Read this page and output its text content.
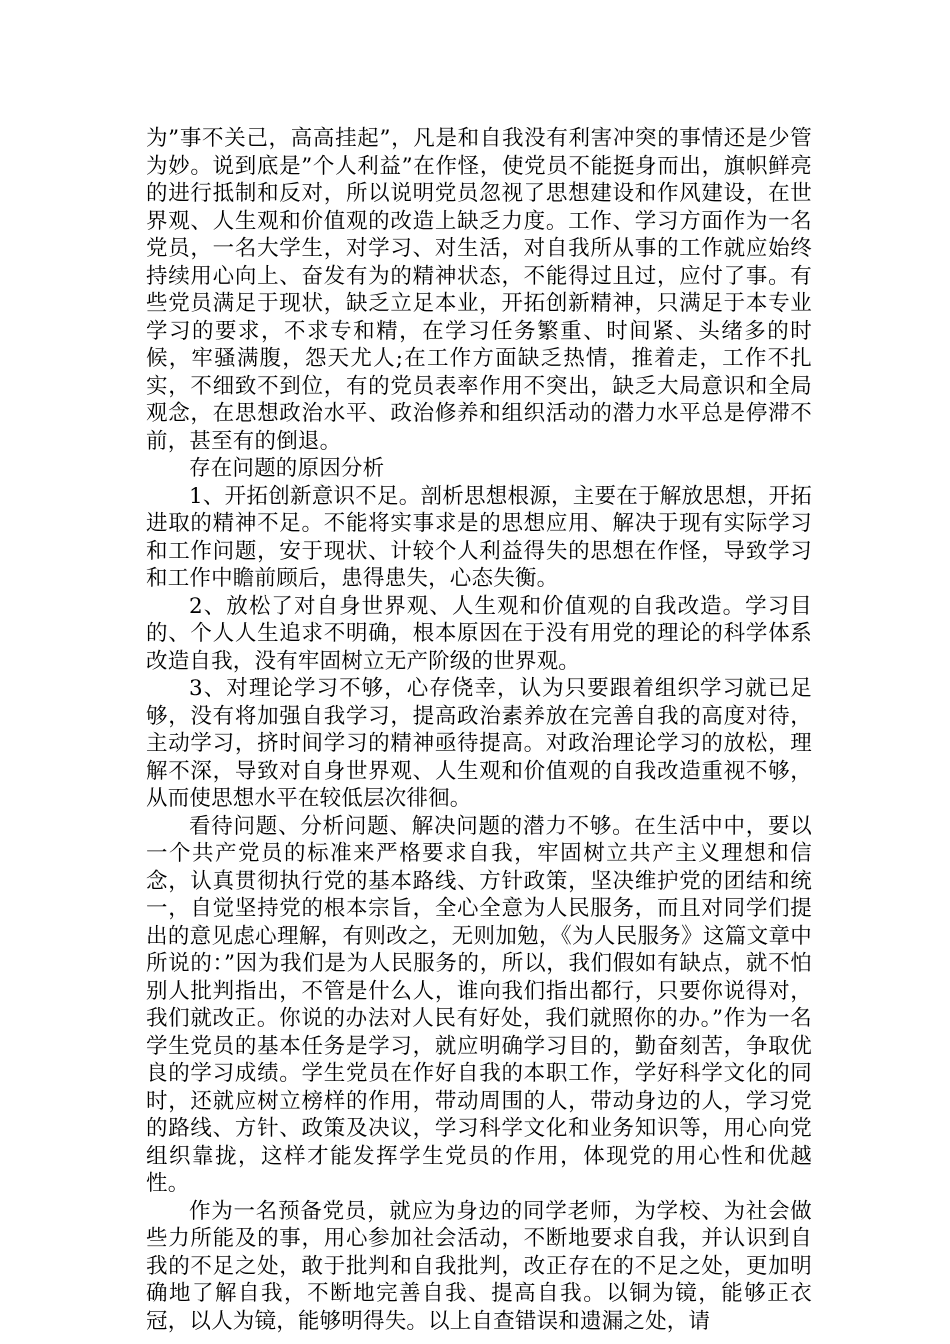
为”事不关己，高高挂起”，凡是和自我没有利害冲突的事情还是少管为妙。说到底是”个人利益”在作怪，使党员不能挺身而出，旗帜鲜亮的进行抵制和反对，所以说明党员忽视了思想建设和作风建设，在世界观、人生观和价值观的改造上缺乏力度。工作、学习方面作为一名党员，一名大学生，对学习、对生活，对自我所从事的工作就应始终持续用心向上、奋发有为的精神状态，不能得过且过，应付了事。有些党员满足于现状，缺乏立足本业，开拓创新精神，只满足于本专业学习的要求，不求专和精，在学习任务繁重、时间紧、头绪多的时候，牢骚满腹，怨天尤人;在工作方面缺乏热情，推着走，工作不扎实，不细致不到位，有的党员表率作用不突出，缺乏大局意识和全局观念，在思想政治水平、政治修养和组织活动的潜力水平总是停滞不前，甚至有的倒退。

存在问题的原因分析

1、开拓创新意识不足。剖析思想根源，主要在于解放思想，开拓进取的精神不足。不能将实事求是的思想应用、解决于现有实际学习和工作问题，安于现状、计较个人利益得失的思想在作怪，导致学习和工作中瞻前顾后，患得患失，心态失衡。

2、放松了对自身世界观、人生观和价值观的自我改造。学习目的、个人人生追求不明确，根本原因在于没有用党的理论的科学体系改造自我，没有牢固树立无产阶级的世界观。

3、对理论学习不够，心存侥幸，认为只要跟着组织学习就已足够，没有将加强自我学习，提高政治素养放在完善自我的高度对待，主动学习，挤时间学习的精神亟待提高。对政治理论学习的放松，理解不深，导致对自身世界观、人生观和价值观的自我改造重视不够，从而使思想水平在较低层次徘徊。

看待问题、分析问题、解决问题的潜力不够。在生活中中，要以一个共产党员的标准来严格要求自我，牢固树立共产主义理想和信念，认真贯彻执行党的基本路线、方针政策，坚决维护党的团结和统一，自觉坚持党的根本宗旨，全心全意为人民服务，而且对同学们提出的意见虑心理解，有则改之，无则加勉，《为人民服务》这篇文章中所说的：”因为我们是为人民服务的，所以，我们假如有缺点，就不怕别人批判指出，不管是什么人，谁向我们指出都行，只要你说得对，我们就改正。你说的办法对人民有好处，我们就照你的办。”作为一名学生党员的基本任务是学习，就应明确学习目的，勤奋刻苦，争取优良的学习成绩。学生党员在作好自我的本职工作，学好科学文化的同时，还就应树立榜样的作用，带动周围的人，带动身边的人，学习党的路线、方针、政策及决议，学习科学文化和业务知识等，用心向党组织靠拢，这样才能发挥学生党员的作用，体现党的用心性和优越性。

作为一名预备党员，就应为身边的同学老师，为学校、为社会做些力所能及的事，用心参加社会活动，不断地要求自我，并认识到自我的不足之处，敢于批判和自我批判，改正存在的不足之处，更加明确地了解自我，不断地完善自我、提高自我。以铜为镜，能够正衣冠，以人为镜，能够明得失。以上自查错误和遗漏之处，请
